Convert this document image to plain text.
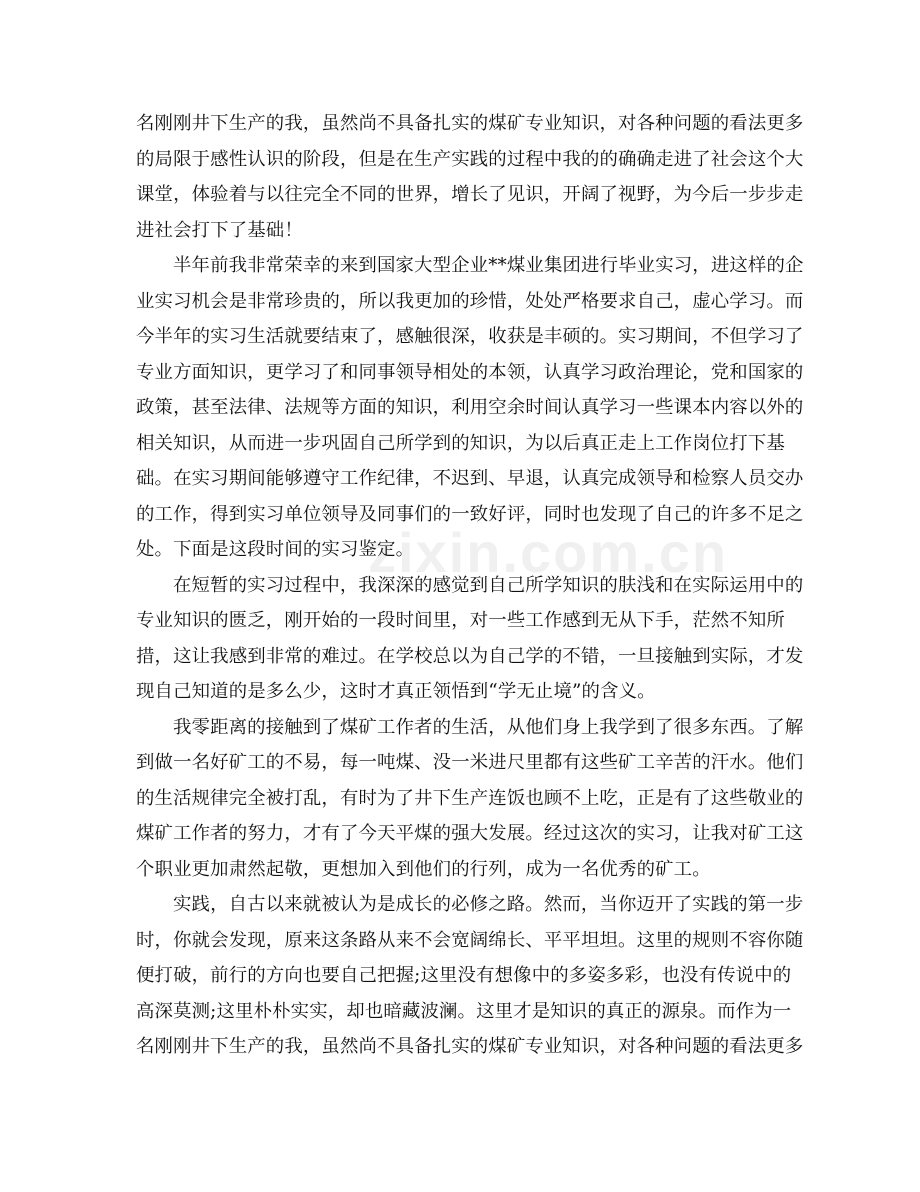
zixin.com.cn
名刚刚井下生产的我，虽然尚不具备扎实的煤矿专业知识，对各种问题的看法更多
的局限于感性认识的阶段，但是在生产实践的过程中我的的确确走进了社会这个大
课堂，体验着与以往完全不同的世界，增长了见识，开阔了视野，为今后一步步走
进社会打下了基础！
半年前我非常荣幸的来到国家大型企业**煤业集团进行毕业实习，进这样的企
业实习机会是非常珍贵的，所以我更加的珍惜，处处严格要求自己，虚心学习。而
今半年的实习生活就要结束了，感触很深，收获是丰硕的。实习期间，不但学习了
专业方面知识，更学习了和同事领导相处的本领，认真学习政治理论，党和国家的
政策，甚至法律、法规等方面的知识，利用空余时间认真学习一些课本内容以外的
相关知识，从而进一步巩固自己所学到的知识，为以后真正走上工作岗位打下基
础。在实习期间能够遵守工作纪律，不迟到、早退，认真完成领导和检察人员交办
的工作，得到实习单位领导及同事们的一致好评，同时也发现了自己的许多不足之
处。下面是这段时间的实习鉴定。
在短暂的实习过程中，我深深的感觉到自己所学知识的肤浅和在实际运用中的
专业知识的匮乏，刚开始的一段时间里，对一些工作感到无从下手，茫然不知所
措，这让我感到非常的难过。在学校总以为自己学的不错，一旦接触到实际，才发
现自己知道的是多么少，这时才真正领悟到“学无止境”的含义。
我零距离的接触到了煤矿工作者的生活，从他们身上我学到了很多东西。了解
到做一名好矿工的不易，每一吨煤、没一米进尺里都有这些矿工辛苦的汗水。他们
的生活规律完全被打乱，有时为了井下生产连饭也顾不上吃，正是有了这些敬业的
煤矿工作者的努力，才有了今天平煤的强大发展。经过这次的实习，让我对矿工这
个职业更加肃然起敬，更想加入到他们的行列，成为一名优秀的矿工。
实践，自古以来就被认为是成长的必修之路。然而，当你迈开了实践的第一步
时，你就会发现，原来这条路从来不会宽阔绵长、平平坦坦。这里的规则不容你随
便打破，前行的方向也要自己把握;这里没有想像中的多姿多彩，也没有传说中的
高深莫测;这里朴朴实实，却也暗藏波澜。这里才是知识的真正的源泉。而作为一
名刚刚井下生产的我，虽然尚不具备扎实的煤矿专业知识，对各种问题的看法更多
